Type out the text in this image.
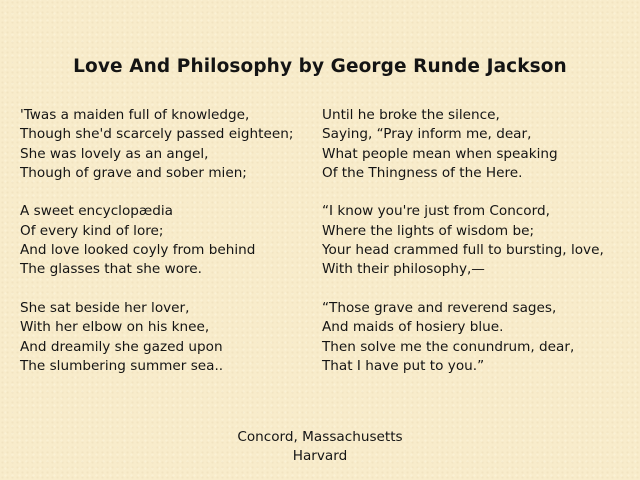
Love And Philosophy by George Runde Jackson
'Twas a maiden full of knowledge,
Though she'd scarcely passed eighteen;
She was lovely as an angel,
Though of grave and sober mien;
A sweet encyclopædia
Of every kind of lore;
And love looked coyly from behind
The glasses that she wore.
She sat beside her lover,
With her elbow on his knee,
And dreamily she gazed upon
The slumbering summer sea..
Until he broke the silence,
Saying, “Pray inform me, dear,
What people mean when speaking
Of the Thingness of the Here.
“I know you're just from Concord,
Where the lights of wisdom be;
Your head crammed full to bursting, love,
With their philosophy,—
“Those grave and reverend sages,
And maids of hosiery blue.
Then solve me the conundrum, dear,
That I have put to you.”
Concord, Massachusetts
Harvard
